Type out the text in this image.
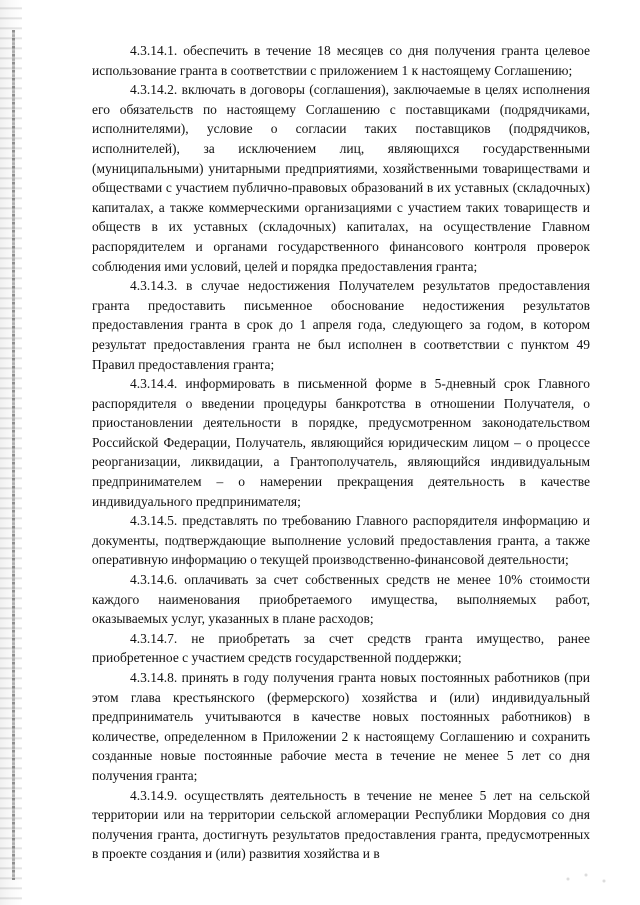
4.3.14.1. обеспечить в течение 18 месяцев со дня получения гранта целевое использование гранта в соответствии с приложением 1 к настоящему Соглашению;

4.3.14.2. включать в договоры (соглашения), заключаемые в целях исполнения его обязательств по настоящему Соглашению с поставщиками (подрядчиками, исполнителями), условие о согласии таких поставщиков (подрядчиков, исполнителей), за исключением лиц, являющихся государственными (муниципальными) унитарными предприятиями, хозяйственными товариществами и обществами с участием публично-правовых образований в их уставных (складочных) капиталах, а также коммерческими организациями с участием таких товариществ и обществ в их уставных (складочных) капиталах, на осуществление Главном распорядителем и органами государственного финансового контроля проверок соблюдения ими условий, целей и порядка предоставления гранта;

4.3.14.3. в случае недостижения Получателем результатов предоставления гранта предоставить письменное обоснование недостижения результатов предоставления гранта в срок до 1 апреля года, следующего за годом, в котором результат предоставления гранта не был исполнен в соответствии с пунктом 49 Правил предоставления гранта;

4.3.14.4. информировать в письменной форме в 5-дневный срок Главного распорядителя о введении процедуры банкротства в отношении Получателя, о приостановлении деятельности в порядке, предусмотренном законодательством Российской Федерации, Получатель, являющийся юридическим лицом – о процессе реорганизации, ликвидации, а Грантополучатель, являющийся индивидуальным предпринимателем – о намерении прекращения деятельность в качестве индивидуального предпринимателя;

4.3.14.5. представлять по требованию Главного распорядителя информацию и документы, подтверждающие выполнение условий предоставления гранта, а также оперативную информацию о текущей производственно-финансовой деятельности;

4.3.14.6. оплачивать за счет собственных средств не менее 10% стоимости каждого наименования приобретаемого имущества, выполняемых работ, оказываемых услуг, указанных в плане расходов;

4.3.14.7. не приобретать за счет средств гранта имущество, ранее приобретенное с участием средств государственной поддержки;

4.3.14.8. принять в году получения гранта новых постоянных работников (при этом глава крестьянского (фермерского) хозяйства и (или) индивидуальный предприниматель учитываются в качестве новых постоянных работников) в количестве, определенном в Приложении 2 к настоящему Соглашению и сохранить созданные новые постоянные рабочие места в течение не менее 5 лет со дня получения гранта;

4.3.14.9. осуществлять деятельность в течение не менее 5 лет на сельской территории или на территории сельской агломерации Республики Мордовия со дня получения гранта, достигнуть результатов предоставления гранта, предусмотренных в проекте создания и (или) развития хозяйства и в
